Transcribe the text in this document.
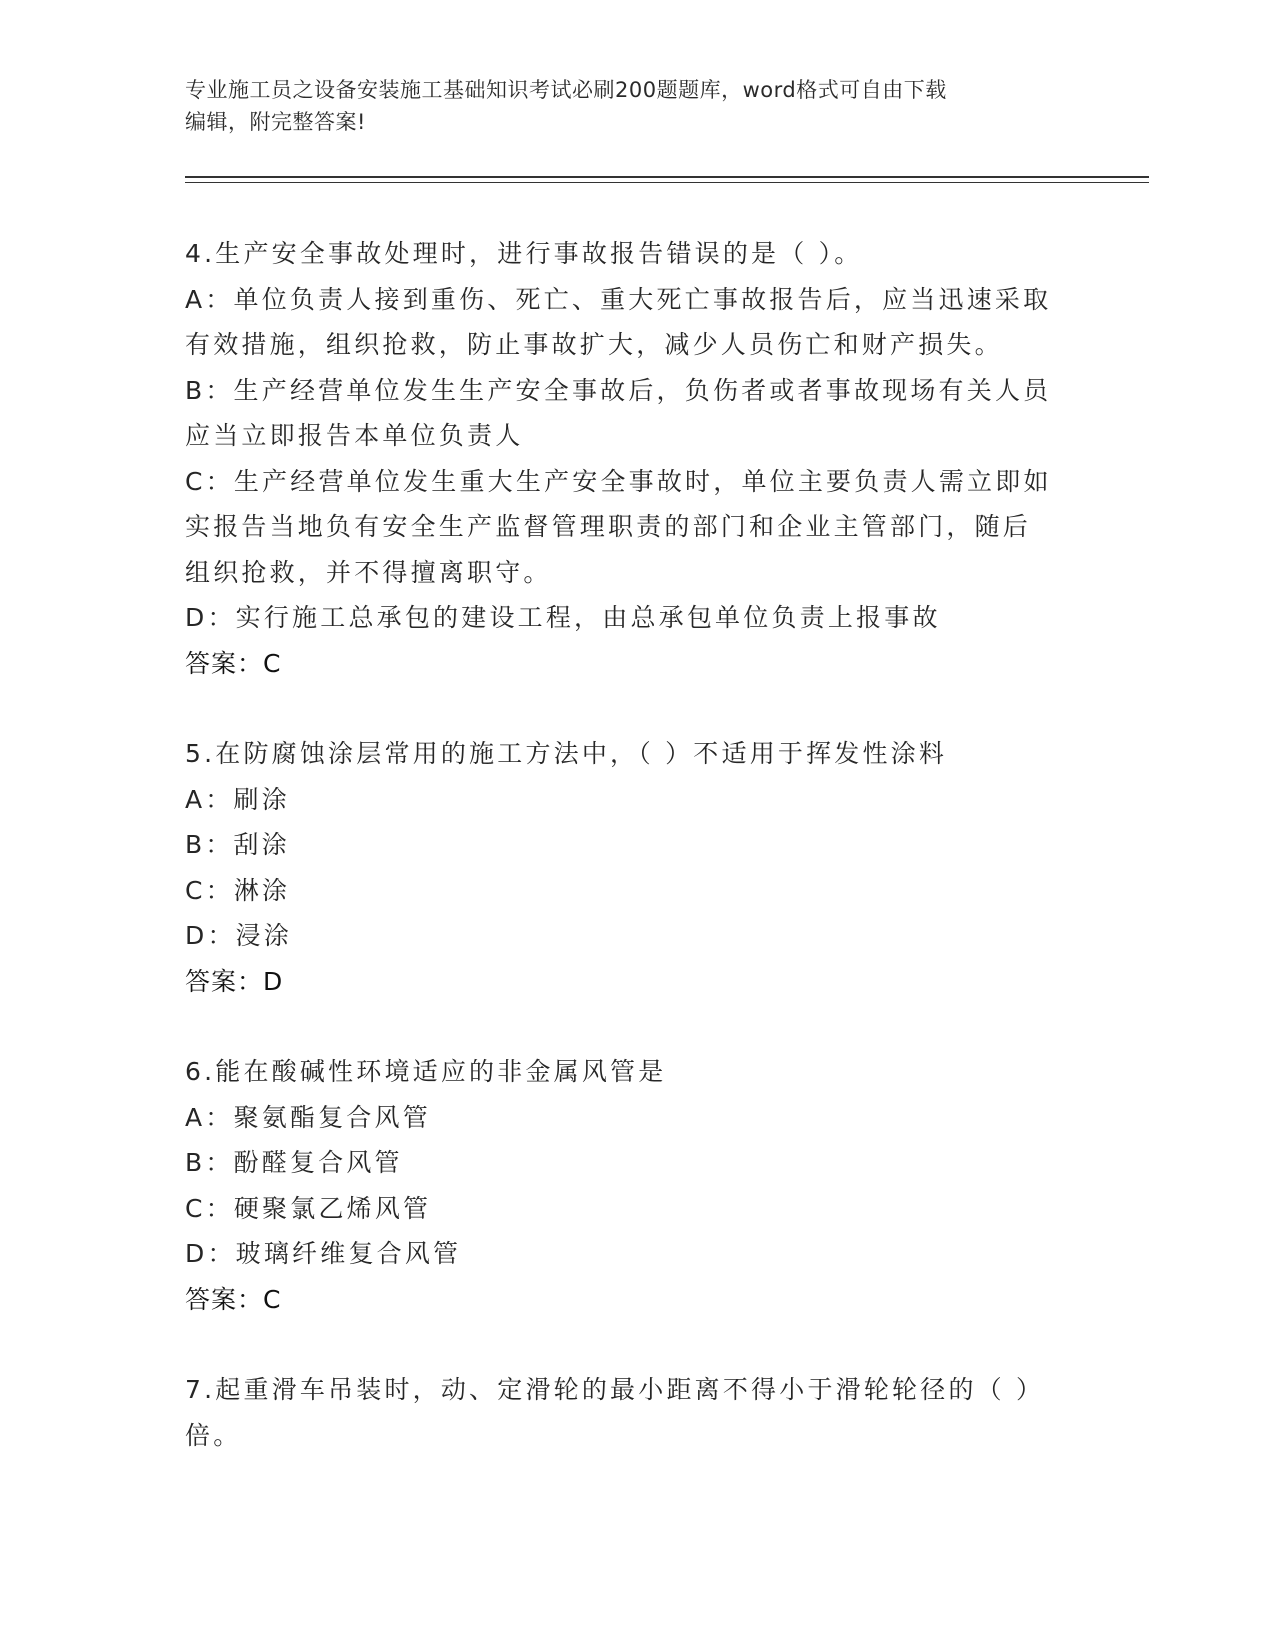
专业施工员之设备安装施工基础知识考试必刷200题题库，word格式可自由下载
编辑，附完整答案!
4.生产安全事故处理时，进行事故报告错误的是（ ）。
A：单位负责人接到重伤、死亡、重大死亡事故报告后，应当迅速采取
有效措施，组织抢救，防止事故扩大，减少人员伤亡和财产损失。
B：生产经营单位发生生产安全事故后，负伤者或者事故现场有关人员
应当立即报告本单位负责人
C：生产经营单位发生重大生产安全事故时，单位主要负责人需立即如
实报告当地负有安全生产监督管理职责的部门和企业主管部门，随后
组织抢救，并不得擅离职守。
D：实行施工总承包的建设工程，由总承包单位负责上报事故
答案：C
5.在防腐蚀涂层常用的施工方法中，（ ）不适用于挥发性涂料
A：刷涂
B：刮涂
C：淋涂
D：浸涂
答案：D
6.能在酸碱性环境适应的非金属风管是
A：聚氨酯复合风管
B：酚醛复合风管
C：硬聚氯乙烯风管
D：玻璃纤维复合风管
答案：C
7.起重滑车吊装时，动、定滑轮的最小距离不得小于滑轮轮径的（ ）
倍。
